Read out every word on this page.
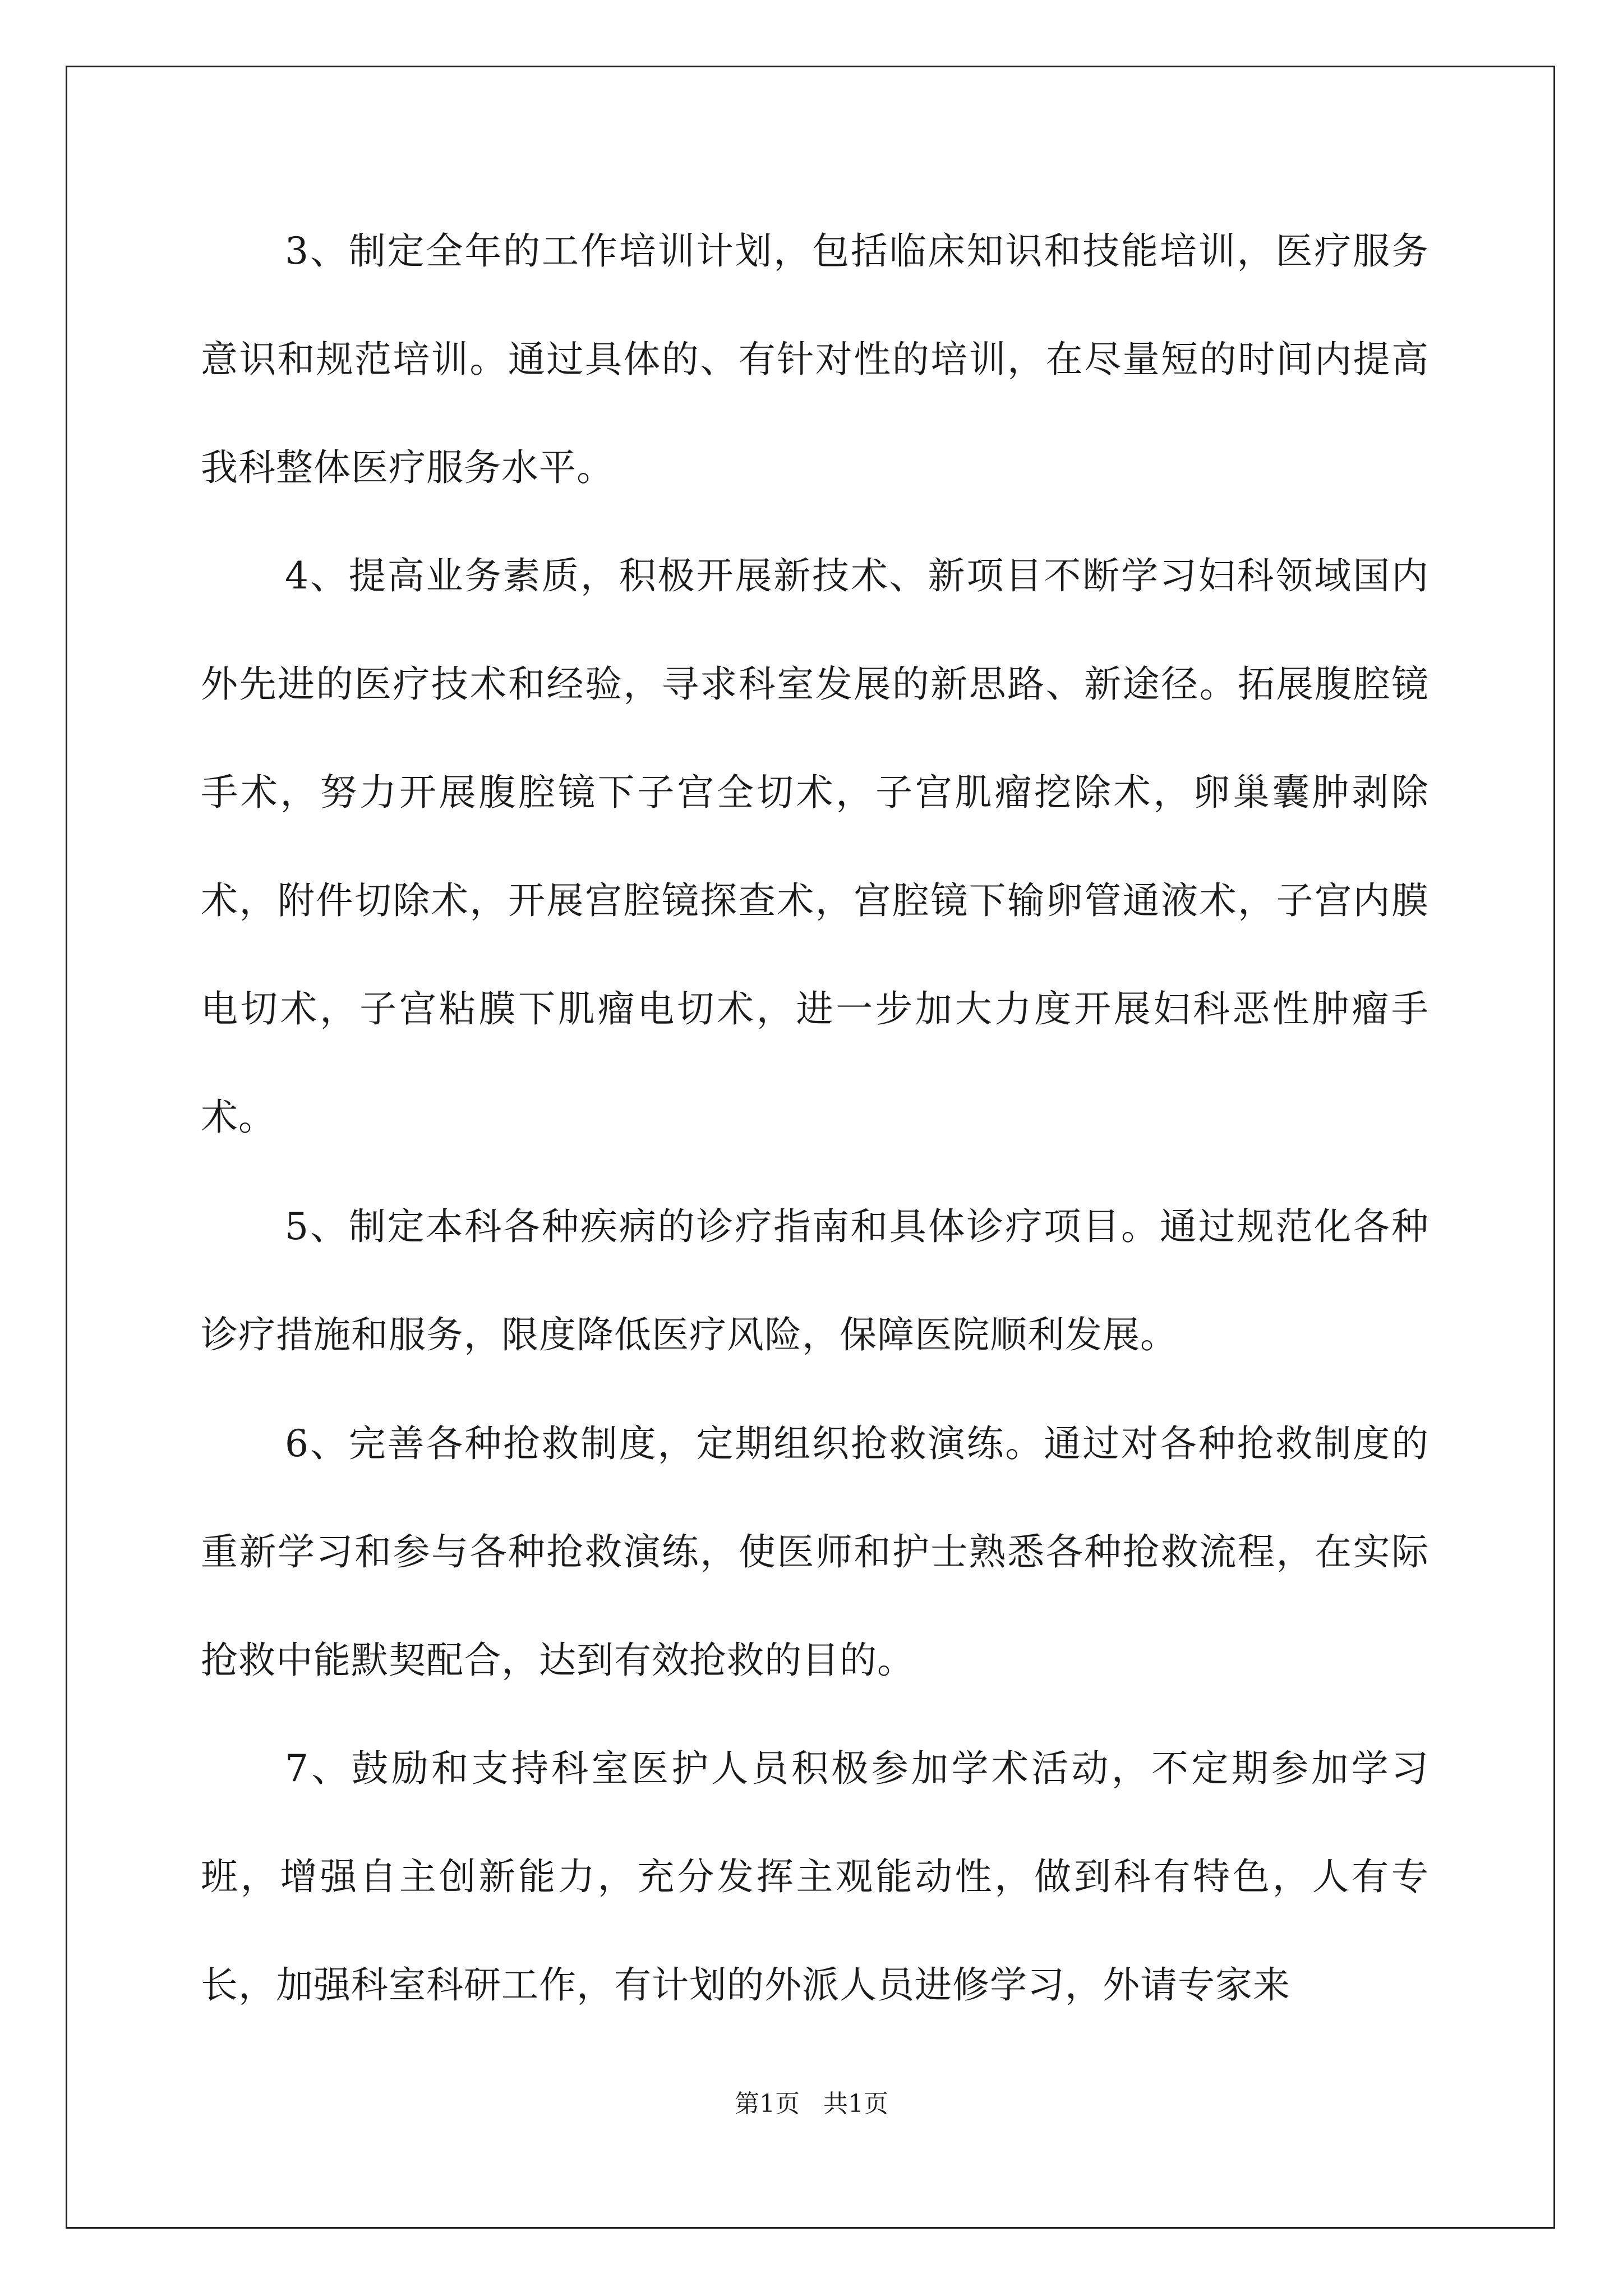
3、制定全年的工作培训计划，包括临床知识和技能培训，医疗服务意识和规范培训。通过具体的、有针对性的培训，在尽量短的时间内提高我科整体医疗服务水平。

4、提高业务素质，积极开展新技术、新项目不断学习妇科领域国内外先进的医疗技术和经验，寻求科室发展的新思路、新途径。拓展腹腔镜手术，努力开展腹腔镜下子宫全切术，子宫肌瘤挖除术，卵巢囊肿剥除术，附件切除术，开展宫腔镜探查术，宫腔镜下输卵管通液术，子宫内膜电切术，子宫粘膜下肌瘤电切术，进一步加大力度开展妇科恶性肿瘤手术。

5、制定本科各种疾病的诊疗指南和具体诊疗项目。通过规范化各种诊疗措施和服务，限度降低医疗风险，保障医院顺利发展。

6、完善各种抢救制度，定期组织抢救演练。通过对各种抢救制度的重新学习和参与各种抢救演练，使医师和护士熟悉各种抢救流程，在实际抢救中能默契配合，达到有效抢救的目的。

7、鼓励和支持科室医护人员积极参加学术活动，不定期参加学习班，增强自主创新能力，充分发挥主观能动性，做到科有特色，人有专长，加强科室科研工作，有计划的外派人员进修学习，外请专家来

第1页   共1页
